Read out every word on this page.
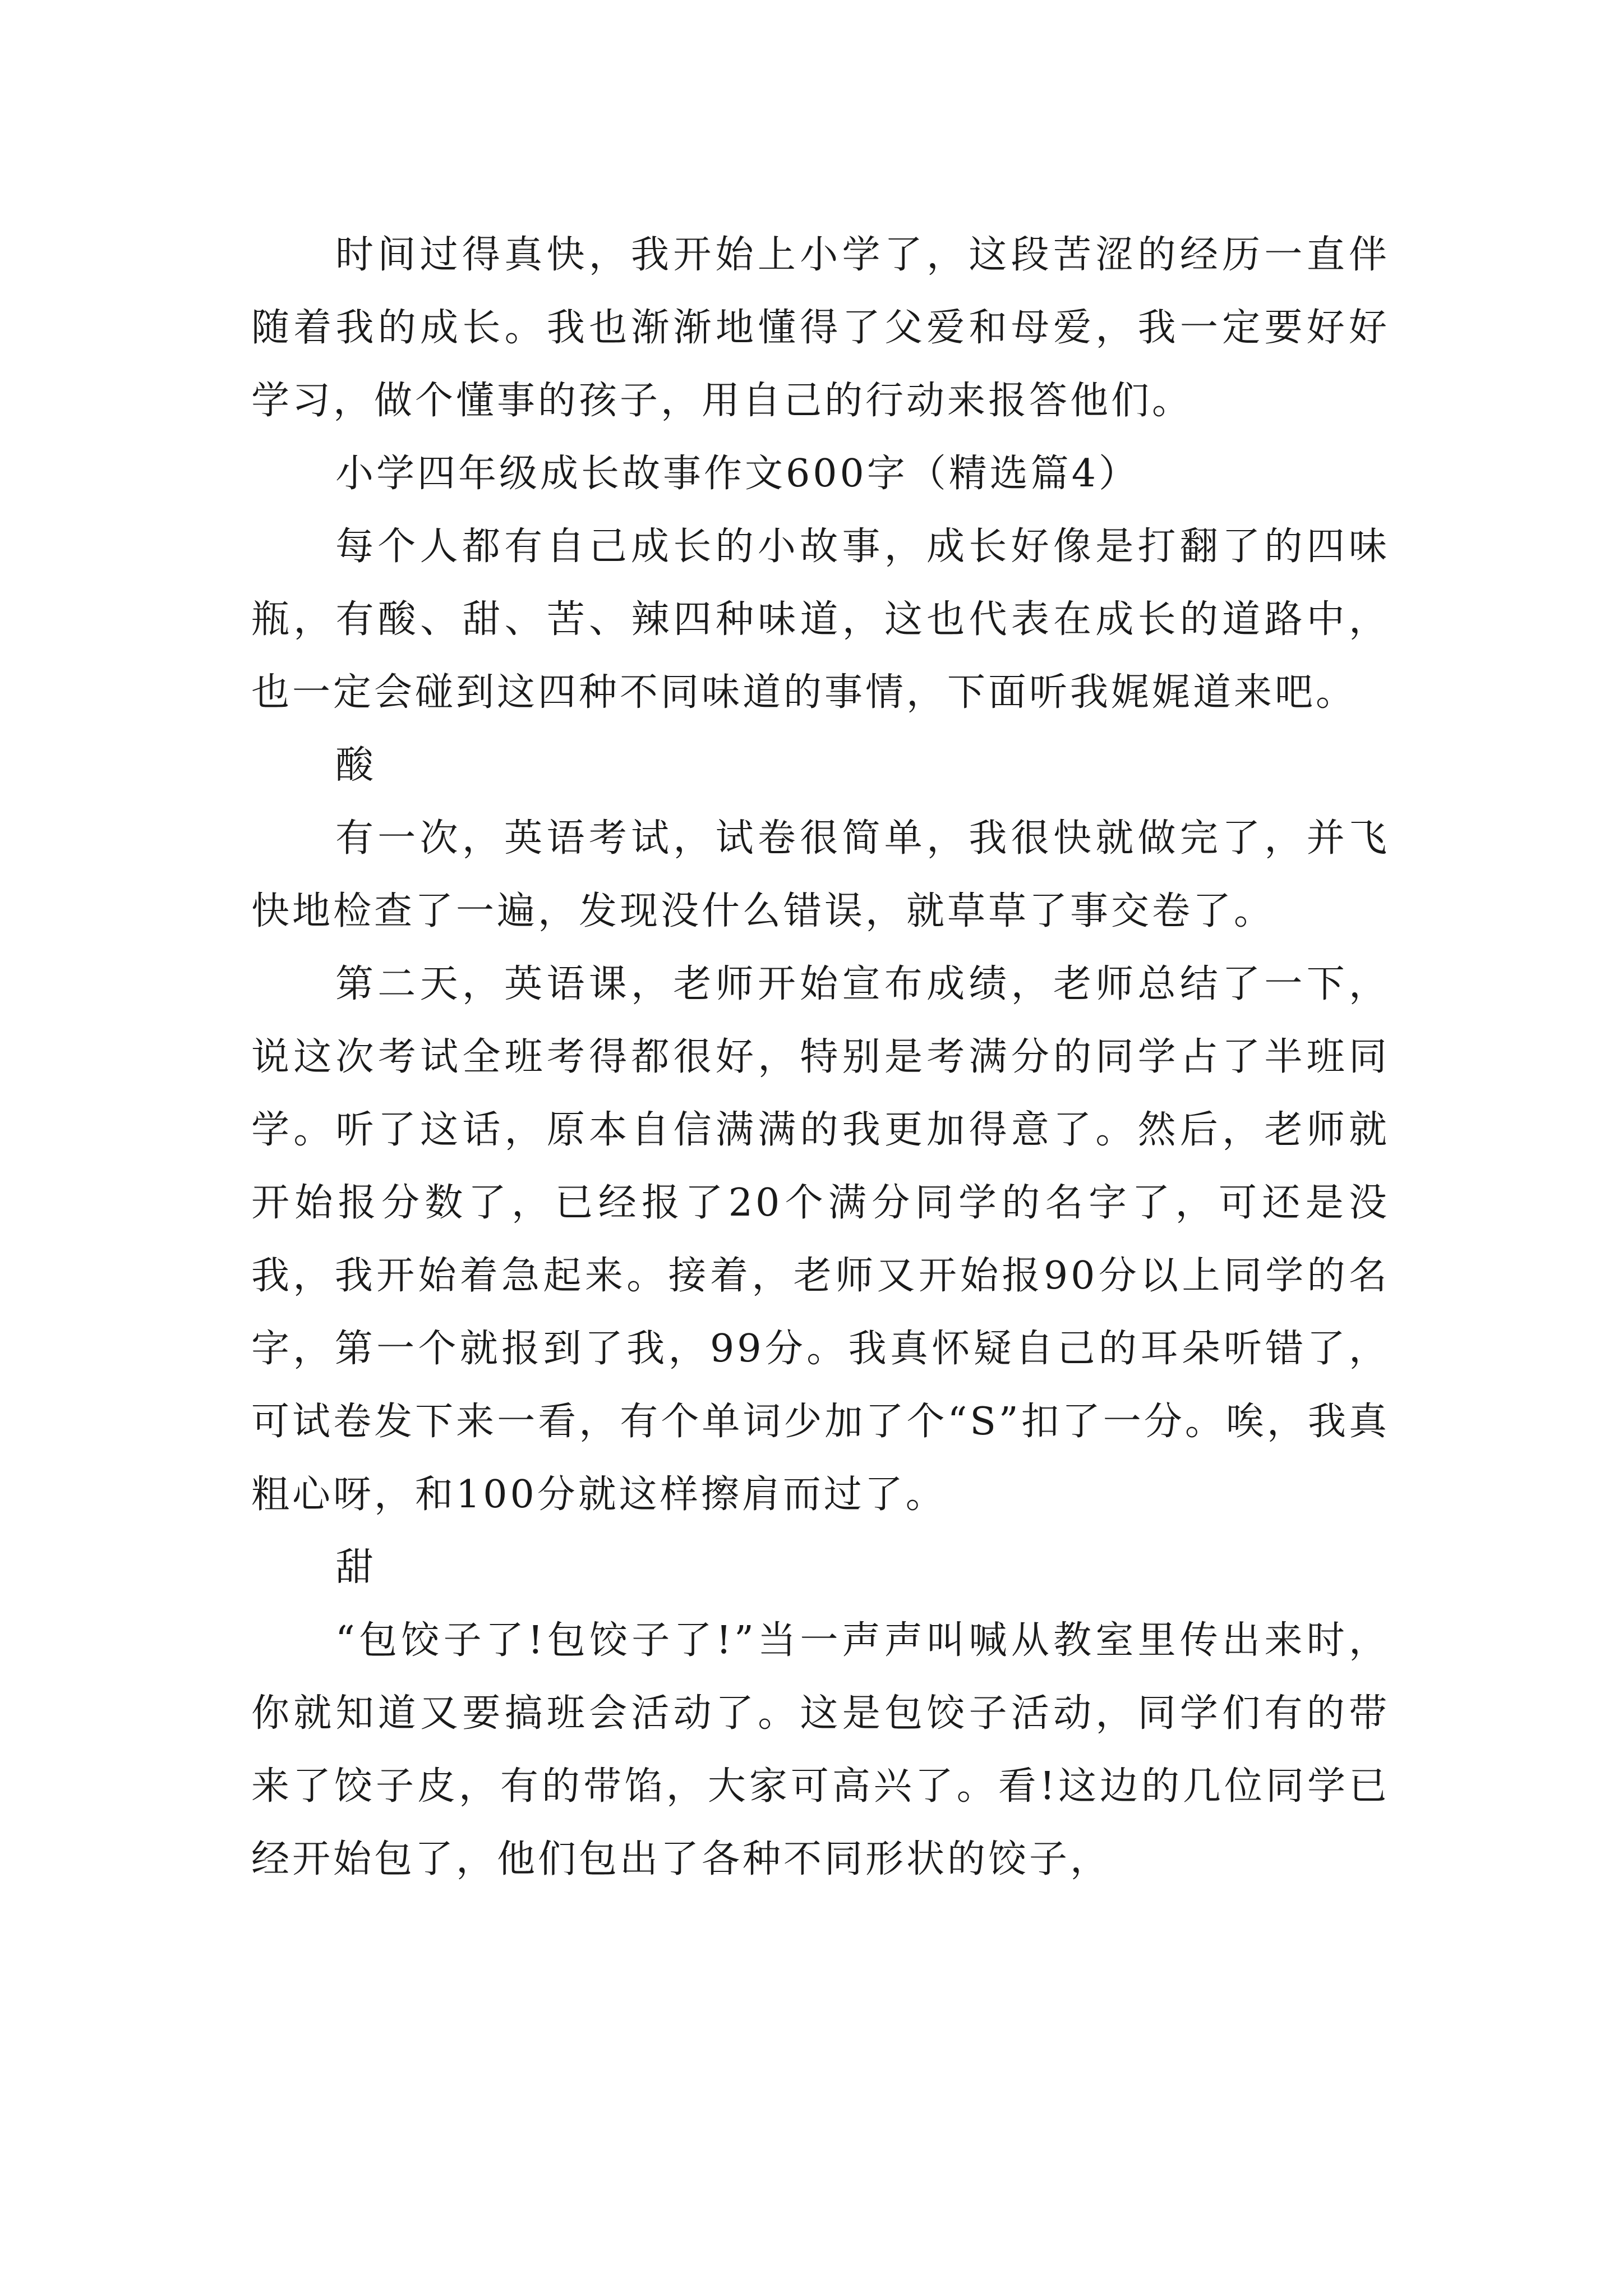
时间过得真快，我开始上小学了，这段苦涩的经历一直伴随着我的成长。我也渐渐地懂得了父爱和母爱，我一定要好好学习，做个懂事的孩子，用自己的行动来报答他们。

小学四年级成长故事作文600字（精选篇4）

每个人都有自己成长的小故事，成长好像是打翻了的四味瓶，有酸、甜、苦、辣四种味道，这也代表在成长的道路中，也一定会碰到这四种不同味道的事情，下面听我娓娓道来吧。

酸

有一次，英语考试，试卷很简单，我很快就做完了，并飞快地检查了一遍，发现没什么错误，就草草了事交卷了。

第二天，英语课，老师开始宣布成绩，老师总结了一下，说这次考试全班考得都很好，特别是考满分的同学占了半班同学。听了这话，原本自信满满的我更加得意了。然后，老师就开始报分数了，已经报了20个满分同学的名字了，可还是没我，我开始着急起来。接着，老师又开始报90分以上同学的名字，第一个就报到了我，99分。我真怀疑自己的耳朵听错了，可试卷发下来一看，有个单词少加了个“S”扣了一分。唉，我真粗心呀，和100分就这样擦肩而过了。

甜

“包饺子了!包饺子了!”当一声声叫喊从教室里传出来时，你就知道又要搞班会活动了。这是包饺子活动，同学们有的带来了饺子皮，有的带馅，大家可高兴了。看!这边的几位同学已经开始包了，他们包出了各种不同形状的饺子，
